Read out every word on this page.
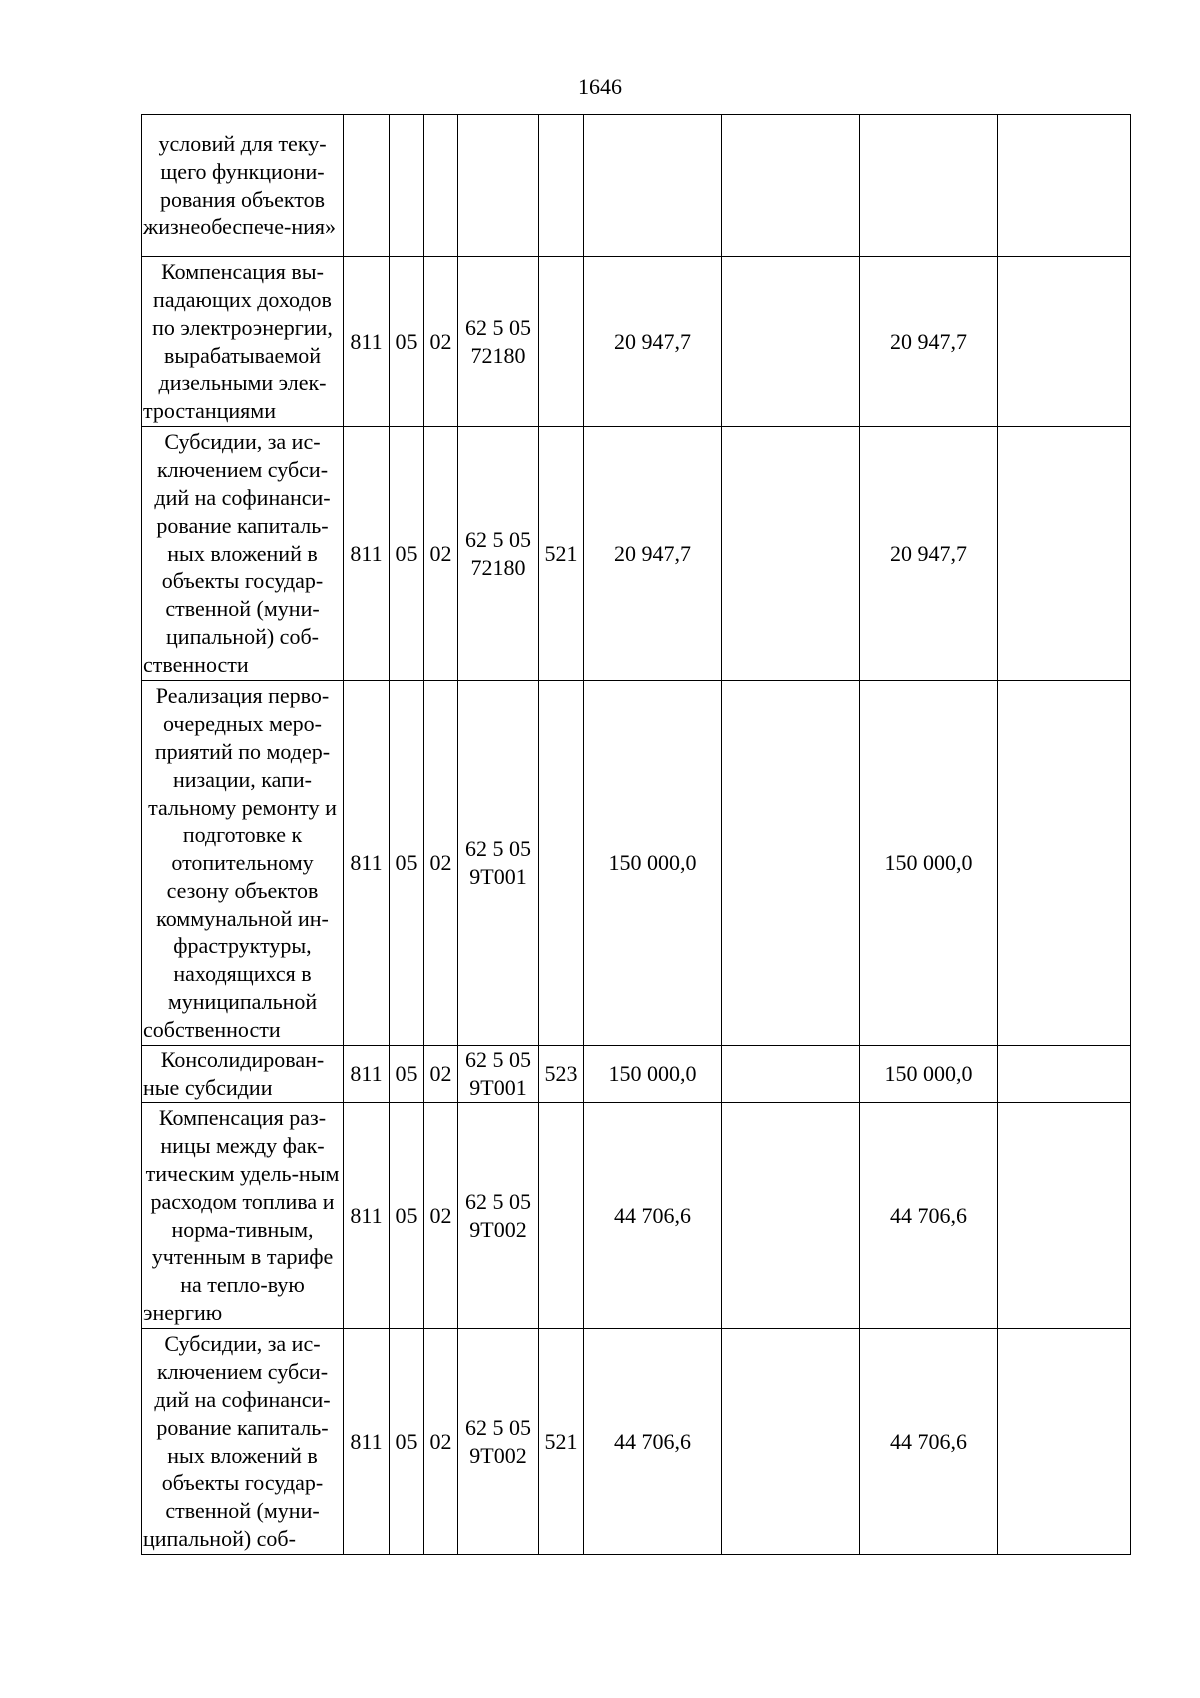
1646
условий для теку-щего функциони-рования объектов жизнеобеспече-ния»									
Компенсация вы-падающих доходов по электроэнергии, вырабатываемой дизельными элек-тростанциями	811	05	02	62 5 05 72180		20 947,7		20 947,7	
Субсидии, за ис-ключением субси-дий на софинанси-рование капиталь-ных вложений в объекты государ-ственной (муни-ципальной) соб-ственности	811	05	02	62 5 05 72180	521	20 947,7		20 947,7	
Реализация перво-очередных меро-приятий по модер-низации, капи-тальному ремонту и подготовке к отопительному сезону объектов коммунальной ин-фраструктуры, находящихся в муниципальной собственности	811	05	02	62 5 05 9Т001		150 000,0		150 000,0	
Консолидирован-ные субсидии	811	05	02	62 5 05 9Т001	523	150 000,0		150 000,0	
Компенсация раз-ницы между фак-тическим удель-ным расходом топлива и норма-тивным, учтенным в тарифе на тепло-вую энергию	811	05	02	62 5 05 9Т002		44 706,6		44 706,6	
Субсидии, за ис-ключением субси-дий на софинанси-рование капиталь-ных вложений в объекты государ-ственной (муни-ципальной) соб-	811	05	02	62 5 05 9Т002	521	44 706,6		44 706,6	
